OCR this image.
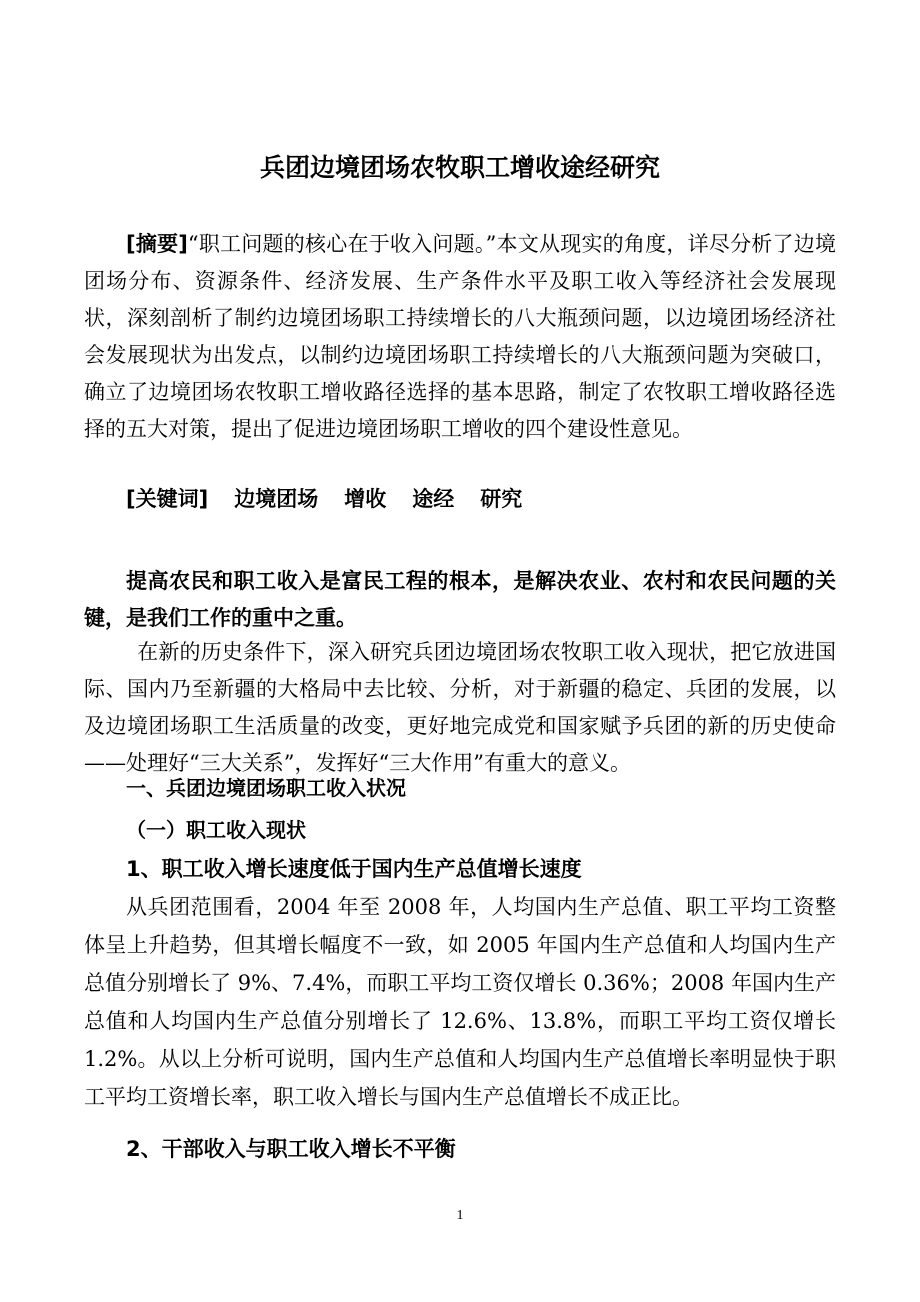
兵团边境团场农牧职工增收途经研究
[摘要]“职工问题的核心在于收入问题。”本文从现实的角度，详尽分析了边境团场分布、资源条件、经济发展、生产条件水平及职工收入等经济社会发展现状，深刻剖析了制约边境团场职工持续增长的八大瓶颈问题，以边境团场经济社会发展现状为出发点，以制约边境团场职工持续增长的八大瓶颈问题为突破口，确立了边境团场农牧职工增收路径选择的基本思路，制定了农牧职工增收路径选择的五大对策，提出了促进边境团场职工增收的四个建设性意见。
[关键词] 边境团场 增收 途经 研究
提高农民和职工收入是富民工程的根本，是解决农业、农村和农民问题的关键，是我们工作的重中之重。
在新的历史条件下，深入研究兵团边境团场农牧职工收入现状，把它放进国际、国内乃至新疆的大格局中去比较、分析，对于新疆的稳定、兵团的发展，以及边境团场职工生活质量的改变，更好地完成党和国家赋予兵团的新的历史使命——处理好“三大关系”，发挥好“三大作用”有重大的意义。
一、兵团边境团场职工收入状况
（一）职工收入现状
1、职工收入增长速度低于国内生产总值增长速度
从兵团范围看，2004 年至 2008 年，人均国内生产总值、职工平均工资整体呈上升趋势，但其增长幅度不一致，如 2005 年国内生产总值和人均国内生产总值分别增长了 9%、7.4%，而职工平均工资仅增长 0.36%；2008 年国内生产总值和人均国内生产总值分别增长了 12.6%、13.8%，而职工平均工资仅增长 1.2%。从以上分析可说明，国内生产总值和人均国内生产总值增长率明显快于职工平均工资增长率，职工收入增长与国内生产总值增长不成正比。
2、干部收入与职工收入增长不平衡
1
